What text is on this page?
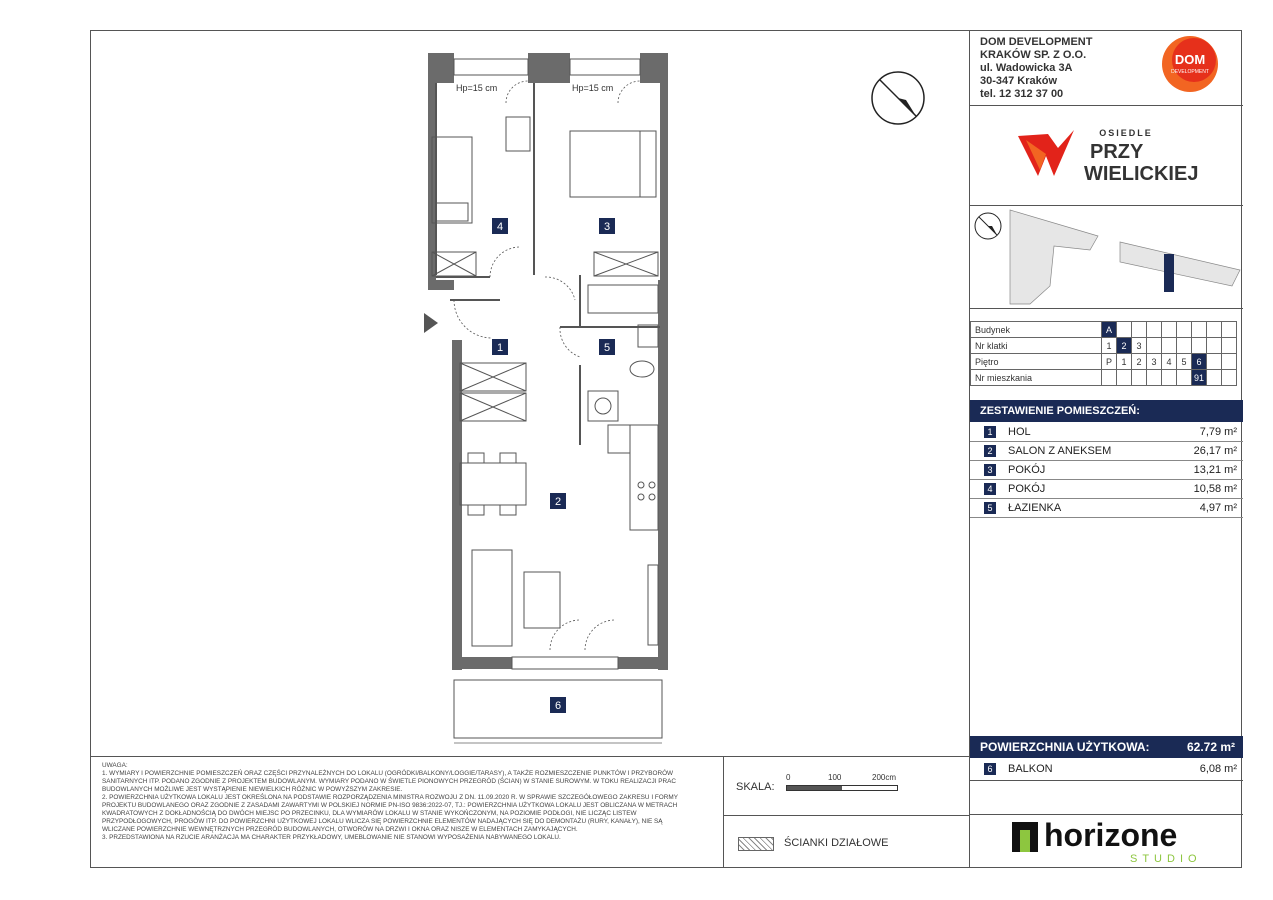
Hp=15 cm	Hp=15 cm
1
2
3
4
5
6
DOM DEVELOPMENT
KRAKÓW SP. Z O.O.
ul. Wadowicka 3A
30-347 Kraków
tel. 12 312 37 00
DOM
DEVELOPMENT
OSIEDLE
PRZY
WIELICKIEJ
Budynek	A								
Nr klatki	1	2	3						
Piętro	P	1	2	3	4	5	6		
Nr mieszkania							91		
ZESTAWIENIE POMIESZCZEŃ:
1	HOL	7,79 m²
2	SALON Z ANEKSEM	26,17 m²
3	POKÓJ	13,21 m²
4	POKÓJ	10,58 m²
5	ŁAZIENKA	4,97 m²
POWIERZCHNIA UŻYTKOWA:	62.72 m²
6	BALKON	6,08 m²
horizone
STUDIO
UWAGA:
1. WYMIARY I POWIERZCHNIE POMIESZCZEŃ ORAZ CZĘŚCI PRZYNALEŻNYCH DO LOKALU (OGRÓDKI/BALKONY/LOGGIE/TARASY), A TAKŻE ROZMIESZCZENIE PUNKTÓW I PRZYBORÓW
SANITARNYCH ITP. PODANO ZGODNIE Z PROJEKTEM BUDOWLANYM. WYMIARY PODANO W ŚWIETLE PIONOWYCH PRZEGRÓD (ŚCIAN) W STANIE SUROWYM. W TOKU REALIZACJI PRAC
BUDOWLANYCH MOŻLIWE JEST WYSTĄPIENIE NIEWIELKICH RÓŻNIC W POWYŻSZYM ZAKRESIE.
2. POWIERZCHNIA UŻYTKOWA LOKALU JEST OKREŚLONA NA PODSTAWIE ROZPORZĄDZENIA MINISTRA ROZWOJU Z DN. 11.09.2020 R. W SPRAWIE SZCZEGÓŁOWEGO ZAKRESU I FORMY
PROJEKTU BUDOWLANEGO ORAZ ZGODNIE Z ZASADAMI ZAWARTYMI W POLSKIEJ NORMIE PN-ISO 9836:2022-07, TJ.: POWIERZCHNIA UŻYTKOWA LOKALU JEST OBLICZANA W METRACH
KWADRATOWYCH Z DOKŁADNOŚCIĄ DO DWÓCH MIEJSC PO PRZECINKU, DLA WYMIARÓW LOKALU W STANIE WYKOŃCZONYM, NA POZIOMIE PODŁOGI, NIE LICZĄC LISTEW
PRZYPODŁOGOWYCH, PROGÓW ITP. DO POWIERZCHNI UŻYTKOWEJ LOKALU WLICZA SIĘ POWIERZCHNIE ELEMENTÓW NADAJĄCYCH SIĘ DO DEMONTAŻU (RURY, KANAŁY), NIE SĄ
WLICZANE POWIERZCHNIE WEWNĘTRZNYCH PRZEGRÓD BUDOWLANYCH, OTWORÓW NA DRZWI I OKNA ORAZ NISZE W ELEMENTACH ZAMYKAJĄCYCH.
3. PRZEDSTAWIONA NA RZUCIE ARANŻACJA MA CHARAKTER PRZYKŁADOWY, UMEBLOWANIE NIE STANOWI WYPOSAŻENIA NABYWANEGO LOKALU.
SKALA:
0	100	200cm
ŚCIANKI DZIAŁOWE
